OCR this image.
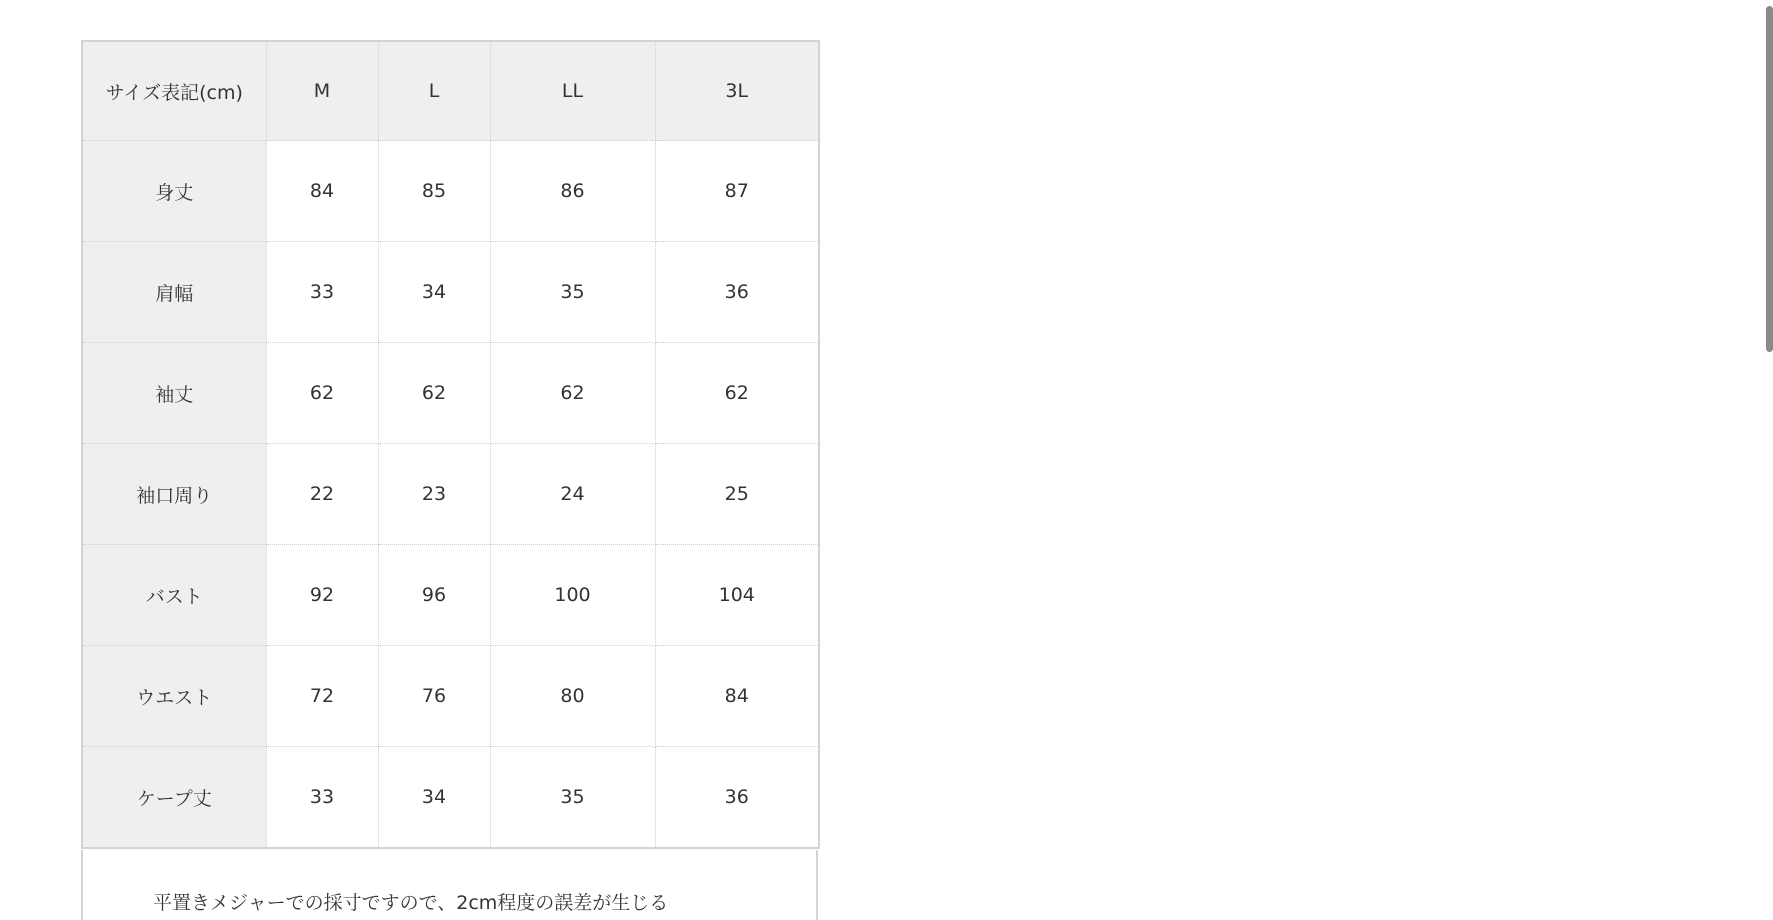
サイズ表記(cm)	M	L	LL	3L
身丈	84	85	86	87
肩幅	33	34	35	36
袖丈	62	62	62	62
袖口周り	22	23	24	25
バスト	92	96	100	104
ウエスト	72	76	80	84
ケープ丈	33	34	35	36
平置きメジャーでの採寸ですので、2cm程度の誤差が生じる
